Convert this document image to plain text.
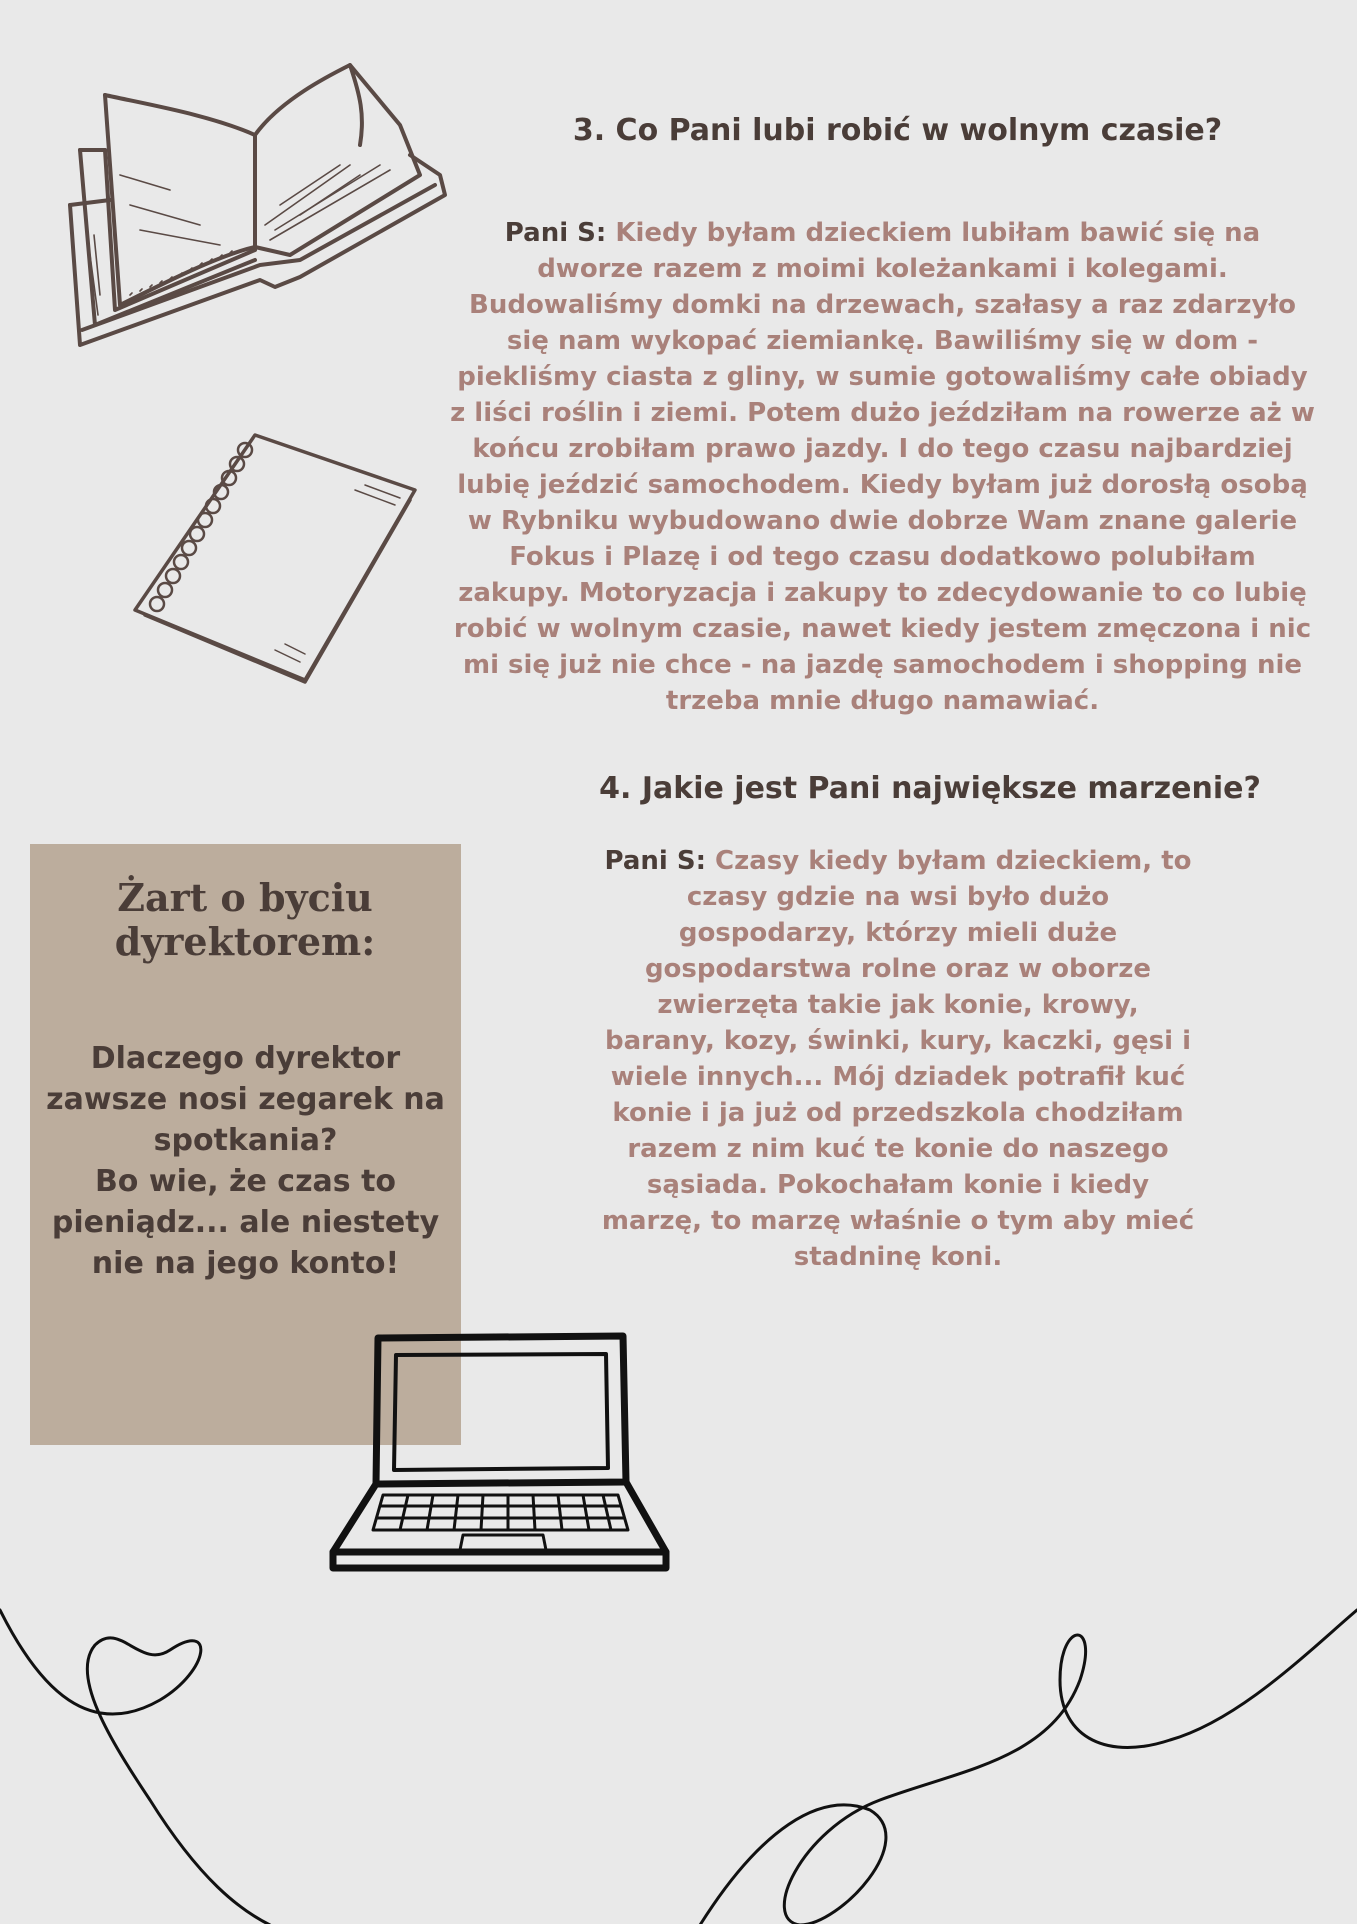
3. Co Pani lubi robić w wolnym czasie?

Pani S: Kiedy byłam dzieckiem lubiłam bawić się na dworze razem z moimi koleżankami i kolegami. Budowaliśmy domki na drzewach, szałasy a raz zdarzyło się nam wykopać ziemiankę. Bawiliśmy się w dom - piekliśmy ciasta z gliny, w sumie gotowaliśmy całe obiady z liści roślin i ziemi. Potem dużo jeździłam na rowerze aż w końcu zrobiłam prawo jazdy. I do tego czasu najbardziej lubię jeździć samochodem. Kiedy byłam już dorosłą osobą w Rybniku wybudowano dwie dobrze Wam znane galerie Fokus i Plazę i od tego czasu dodatkowo polubiłam zakupy. Motoryzacja i zakupy to zdecydowanie to co lubię robić w wolnym czasie, nawet kiedy jestem zmęczona i nic mi się już nie chce - na jazdę samochodem i shopping nie trzeba mnie długo namawiać.

4. Jakie jest Pani największe marzenie?

Pani S: Czasy kiedy byłam dzieckiem, to czasy gdzie na wsi było dużo gospodarzy, którzy mieli duże gospodarstwa rolne oraz w oborze zwierzęta takie jak konie, krowy, barany, kozy, świnki, kury, kaczki, gęsi i wiele innych... Mój dziadek potrafił kuć konie i ja już od przedszkola chodziłam razem z nim kuć te konie do naszego sąsiada. Pokochałam konie i kiedy marzę, to marzę właśnie o tym aby mieć stadninę koni.

Żart o byciu dyrektorem:

Dlaczego dyrektor zawsze nosi zegarek na spotkania?

Bo wie, że czas to pieniądz... ale niestety nie na jego konto!
